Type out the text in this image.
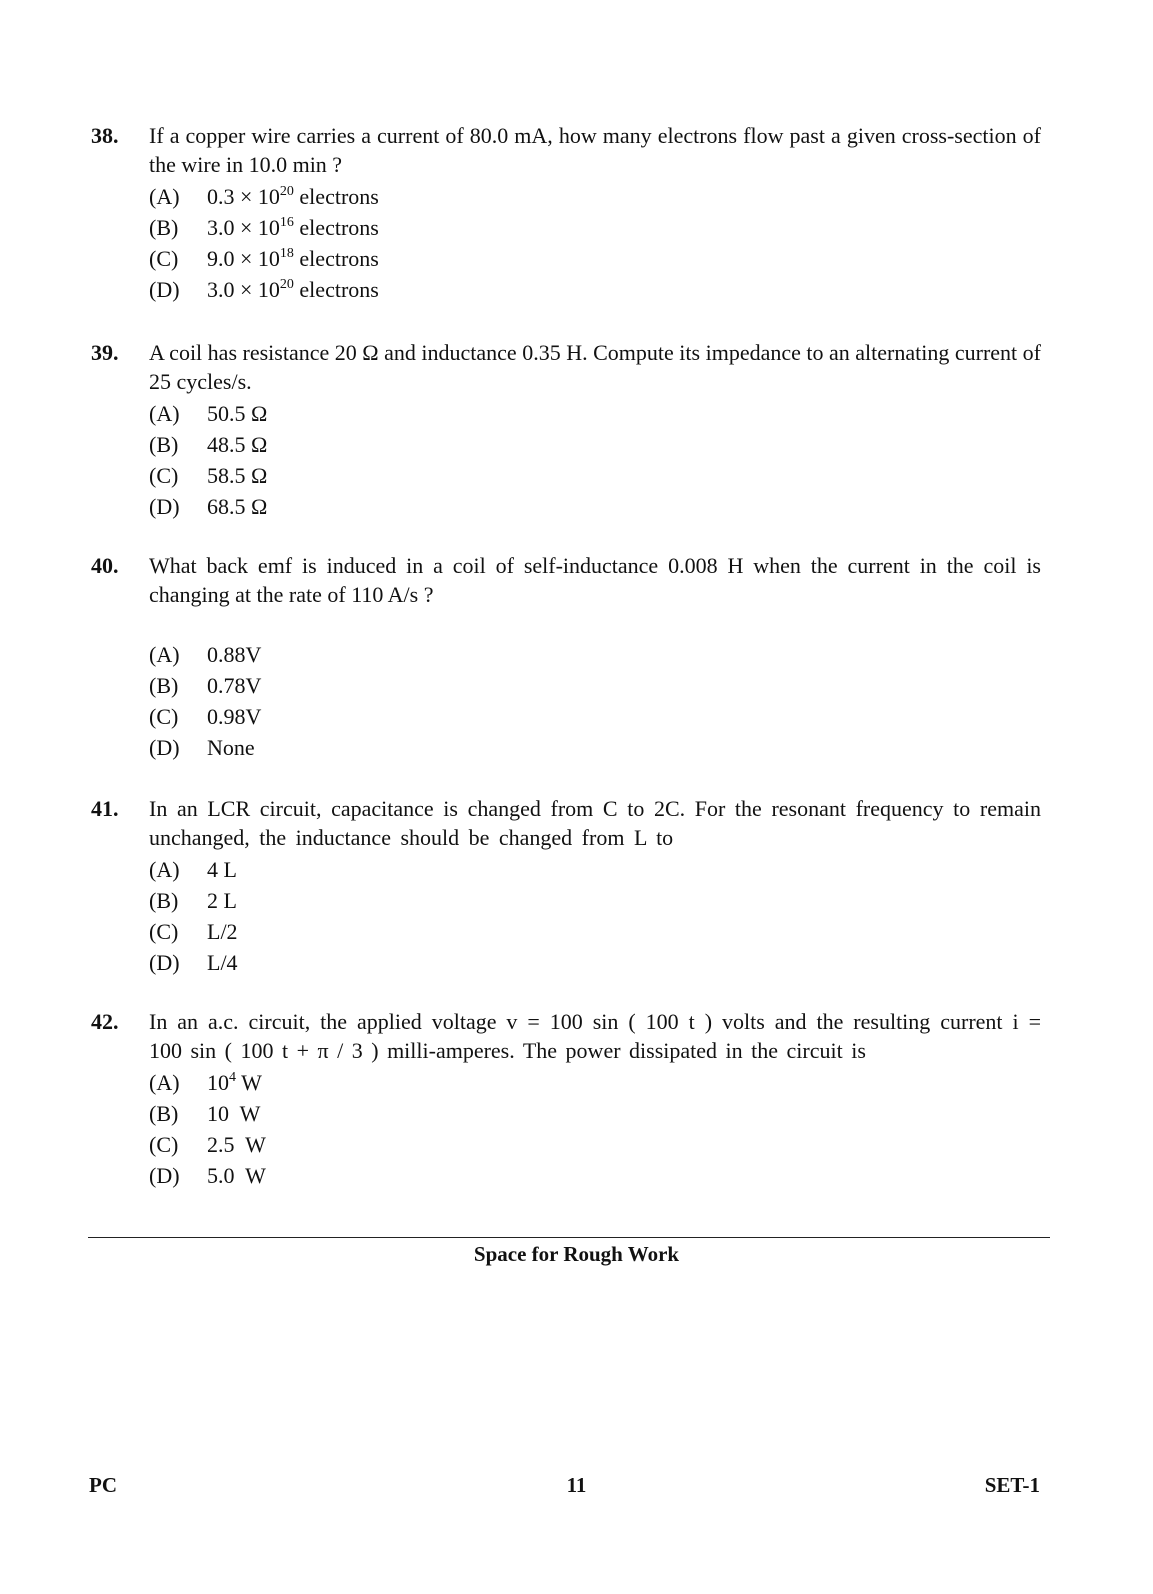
38. If a copper wire carries a current of 80.0 mA, how many electrons flow past a given cross-section of the wire in 10.0 min ?
(A) $0.3 \times 10^{20}$ electrons
(B) $3.0 \times 10^{16}$ electrons
(C) $9.0 \times 10^{18}$ electrons
(D) $3.0 \times 10^{20}$ electrons
39. A coil has resistance 20 Ω and inductance 0.35 H. Compute its impedance to an alternating current of 25 cycles/s.
(A) 50.5 Ω
(B) 48.5 Ω
(C) 58.5 Ω
(D) 68.5 Ω
40. What back emf is induced in a coil of self-inductance 0.008 H when the current in the coil is changing at the rate of 110 A/s ?
(A) 0.88V
(B) 0.78V
(C) 0.98V
(D) None
41. In an LCR circuit, capacitance is changed from C to 2C. For the resonant frequency to remain unchanged, the inductance should be changed from L to
(A) 4 L
(B) 2 L
(C) L/2
(D) L/4
42. In an a.c. circuit, the applied voltage v = 100 sin ( 100 t ) volts and the resulting current i = 100 sin ( 100 t + π / 3 ) milli-amperes. The power dissipated in the circuit is
(A) $10^4$ W
(B) 10  W
(C) 2.5  W
(D) 5.0  W
Space for Rough Work
PC	11	SET-1
